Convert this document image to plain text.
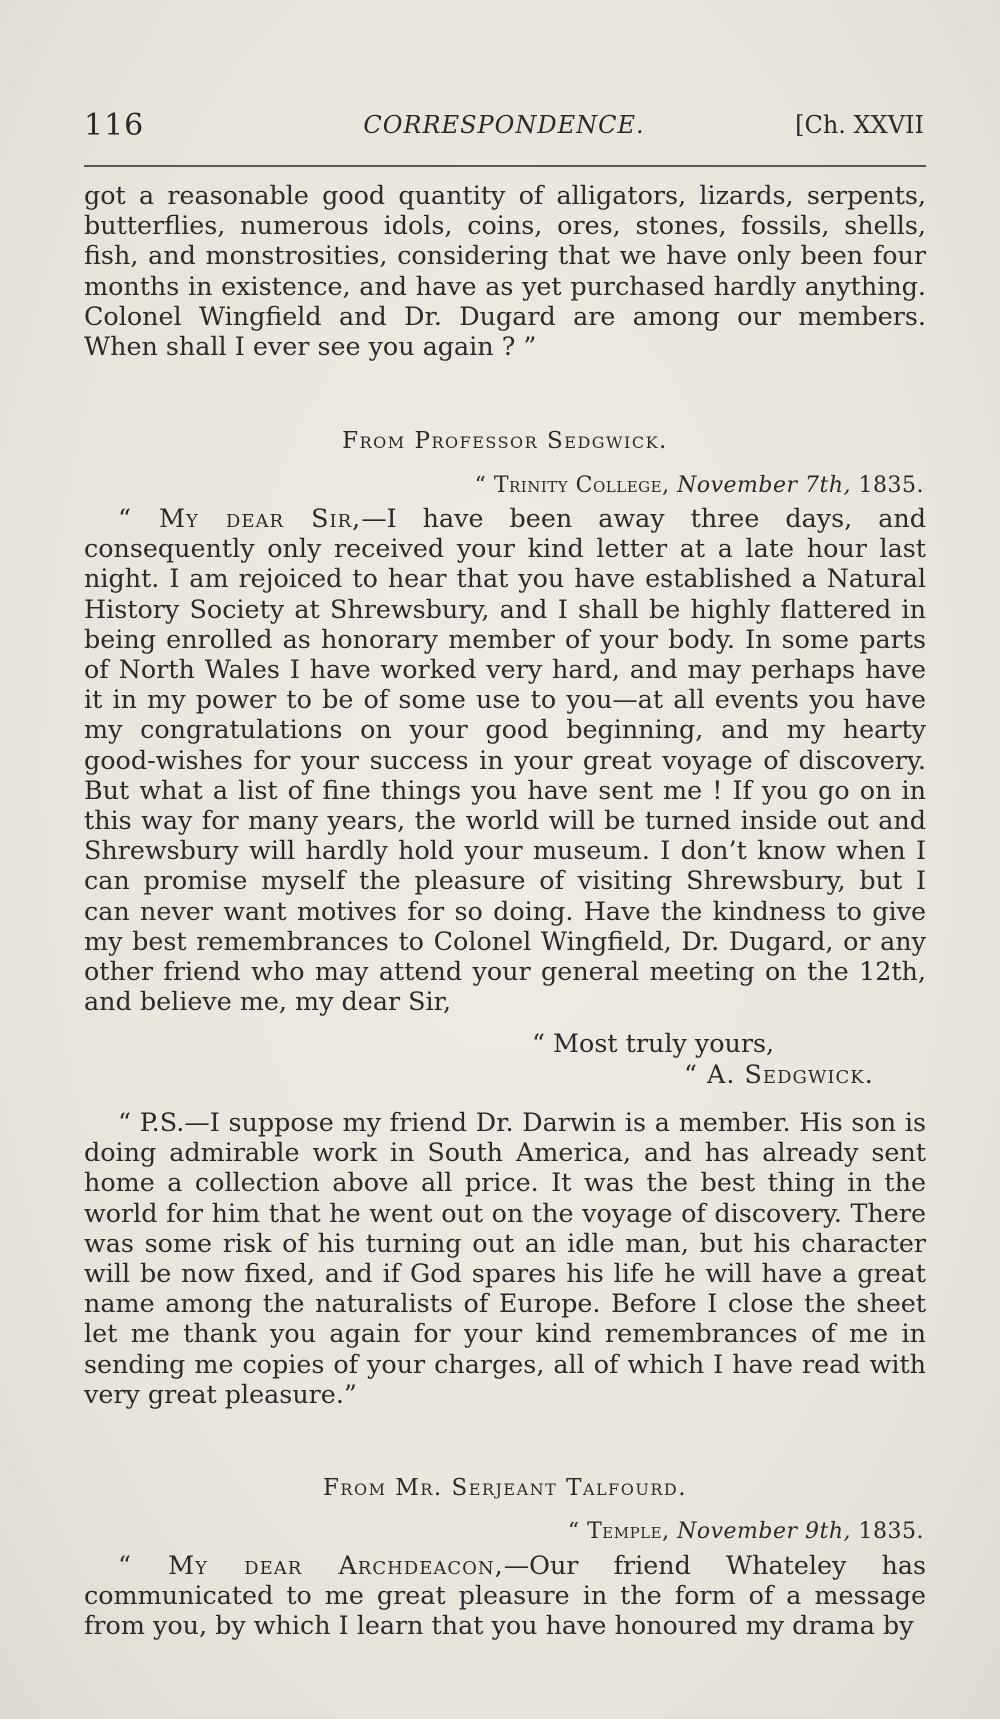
116	CORRESPONDENCE.	[Ch. XXVII

got a reasonable good quantity of alligators, lizards, serpents, butterflies, numerous idols, coins, ores, stones, fossils, shells, fish, and monstrosities, considering that we have only been four months in existence, and have as yet purchased hardly anything. Colonel Wingfield and Dr. Dugard are among our members. When shall I ever see you again ? ”

From Professor Sedgwick.
“ Trinity College, November 7th, 1835.

“ My dear Sir,—I have been away three days, and consequently only received your kind letter at a late hour last night. I am rejoiced to hear that you have established a Natural History Society at Shrewsbury, and I shall be highly flattered in being enrolled as honorary member of your body. In some parts of North Wales I have worked very hard, and may perhaps have it in my power to be of some use to you—at all events you have my congratulations on your good beginning, and my hearty good-wishes for your success in your great voyage of discovery. But what a list of fine things you have sent me ! If you go on in this way for many years, the world will be turned inside out and Shrewsbury will hardly hold your museum. I don’t know when I can promise myself the pleasure of visiting Shrewsbury, but I can never want motives for so doing. Have the kindness to give my best remembrances to Colonel Wingfield, Dr. Dugard, or any other friend who may attend your general meeting on the 12th, and believe me, my dear Sir,

“ Most truly yours,
“ A. Sedgwick.

“ P.S.—I suppose my friend Dr. Darwin is a member. His son is doing admirable work in South America, and has already sent home a collection above all price. It was the best thing in the world for him that he went out on the voyage of discovery. There was some risk of his turning out an idle man, but his character will be now fixed, and if God spares his life he will have a great name among the naturalists of Europe. Before I close the sheet let me thank you again for your kind remembrances of me in sending me copies of your charges, all of which I have read with very great pleasure.”

From Mr. Serjeant Talfourd.
“ Temple, November 9th, 1835.

“ My dear Archdeacon,—Our friend Whateley has communicated to me great pleasure in the form of a message from you, by which I learn that you have honoured my drama by
